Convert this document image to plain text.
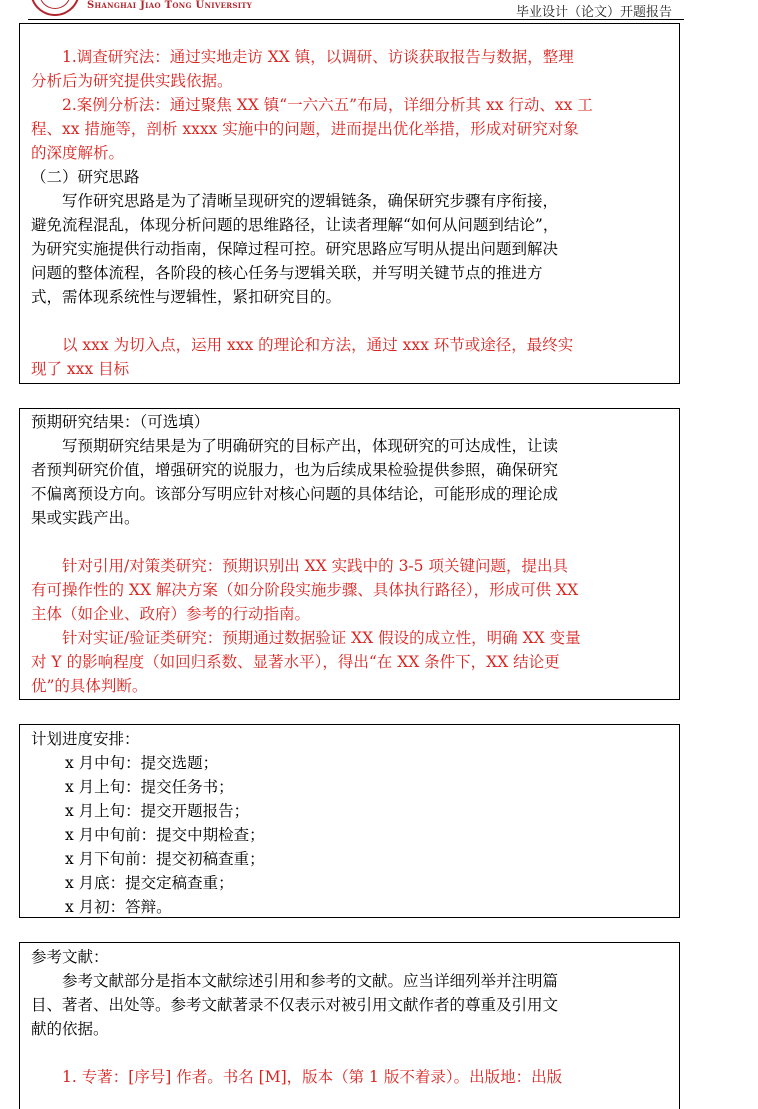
Shanghai Jiao Tong University	毕业设计（论文）开题报告
1.调查研究法：通过实地走访 XX 镇，以调研、访谈获取报告与数据，整理
分析后为研究提供实践依据。
2.案例分析法：通过聚焦 XX 镇“一六六五”布局，详细分析其 xx 行动、xx 工
程、xx 措施等，剖析 xxxx 实施中的问题，进而提出优化举措，形成对研究对象
的深度解析。
（二）研究思路
写作研究思路是为了清晰呈现研究的逻辑链条，确保研究步骤有序衔接，
避免流程混乱，体现分析问题的思维路径，让读者理解“如何从问题到结论”，
为研究实施提供行动指南，保障过程可控。研究思路应写明从提出问题到解决
问题的整体流程，各阶段的核心任务与逻辑关联，并写明关键节点的推进方
式，需体现系统性与逻辑性，紧扣研究目的。
以 xxx 为切入点，运用 xxx 的理论和方法，通过 xxx 环节或途径，最终实
现了 xxx 目标
预期研究结果：（可选填）
写预期研究结果是为了明确研究的目标产出，体现研究的可达成性，让读
者预判研究价值，增强研究的说服力，也为后续成果检验提供参照，确保研究
不偏离预设方向。该部分写明应针对核心问题的具体结论，可能形成的理论成
果或实践产出。
针对引用/对策类研究：预期识别出 XX 实践中的 3-5 项关键问题，提出具
有可操作性的 XX 解决方案（如分阶段实施步骤、具体执行路径），形成可供 XX
主体（如企业、政府）参考的行动指南。
针对实证/验证类研究：预期通过数据验证 XX 假设的成立性，明确 XX 变量
对 Y 的影响程度（如回归系数、显著水平），得出“在 XX 条件下，XX 结论更
优”的具体判断。
计划进度安排：
x 月中旬：提交选题；
x 月上旬：提交任务书；
x 月上旬：提交开题报告；
x 月中旬前：提交中期检查；
x 月下旬前：提交初稿查重；
x 月底：提交定稿查重；
x 月初：答辩。
参考文献：
参考文献部分是指本文献综述引用和参考的文献。应当详细列举并注明篇
目、著者、出处等。参考文献著录不仅表示对被引用文献作者的尊重及引用文
献的依据。
1. 专著：[序号] 作者。书名 [M]，版本（第 1 版不着录）。出版地：出版
